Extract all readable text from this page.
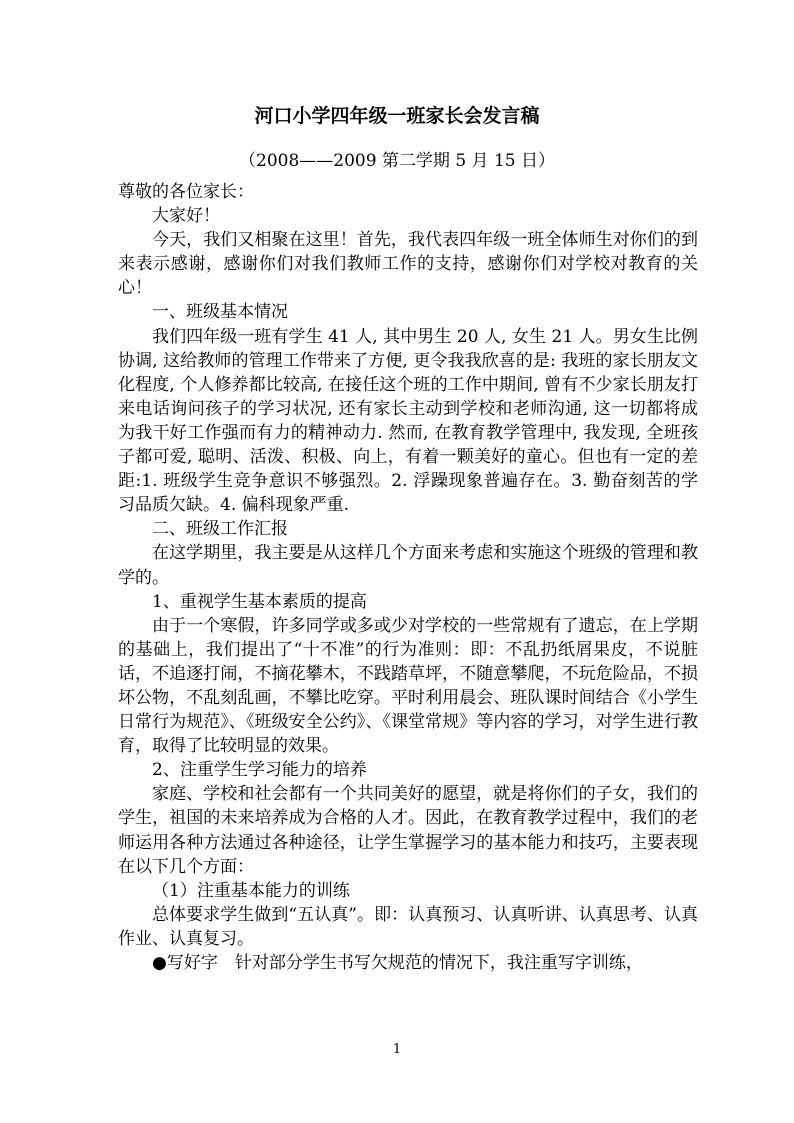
河口小学四年级一班家长会发言稿
（2008——2009 第二学期 5 月 15 日）

尊敬的各位家长：

大家好！

今天，我们又相聚在这里！首先，我代表四年级一班全体师生对你们的到来表示感谢，感谢你们对我们教师工作的支持，感谢你们对学校对教育的关心！

一、班级基本情况

我们四年级一班有学生 41 人, 其中男生 20 人, 女生 21 人。男女生比例协调, 这给教师的管理工作带来了方便, 更令我我欣喜的是: 我班的家长朋友文化程度, 个人修养都比较高, 在接任这个班的工作中期间, 曾有不少家长朋友打来电话询问孩子的学习状况, 还有家长主动到学校和老师沟通, 这一切都将成为我干好工作强而有力的精神动力. 然而, 在教育教学管理中, 我发现, 全班孩子都可爱, 聪明、活泼、积极、向上，有着一颗美好的童心。但也有一定的差距:1. 班级学生竞争意识不够强烈。2. 浮躁现象普遍存在。3. 勤奋刻苦的学习品质欠缺。4. 偏科现象严重.

二、班级工作汇报

在这学期里，我主要是从这样几个方面来考虑和实施这个班级的管理和教学的。

1、重视学生基本素质的提高

由于一个寒假，许多同学或多或少对学校的一些常规有了遗忘，在上学期的基础上，我们提出了“十不准”的行为准则：即：不乱扔纸屑果皮，不说脏话，不追逐打闹，不摘花攀木，不践踏草坪，不随意攀爬，不玩危险品，不损坏公物，不乱刻乱画，不攀比吃穿。平时利用晨会、班队课时间结合《小学生日常行为规范》、《班级安全公约》、《课堂常规》等内容的学习，对学生进行教育，取得了比较明显的效果。

2、注重学生学习能力的培养

家庭、学校和社会都有一个共同美好的愿望，就是将你们的子女，我们的学生，祖国的未来培养成为合格的人才。因此，在教育教学过程中，我们的老师运用各种方法通过各种途径，让学生掌握学习的基本能力和技巧，主要表现在以下几个方面：

（1）注重基本能力的训练

总体要求学生做到“五认真”。即：认真预习、认真听讲、认真思考、认真作业、认真复习。

●写好字　针对部分学生书写欠规范的情况下，我注重写字训练，

1
